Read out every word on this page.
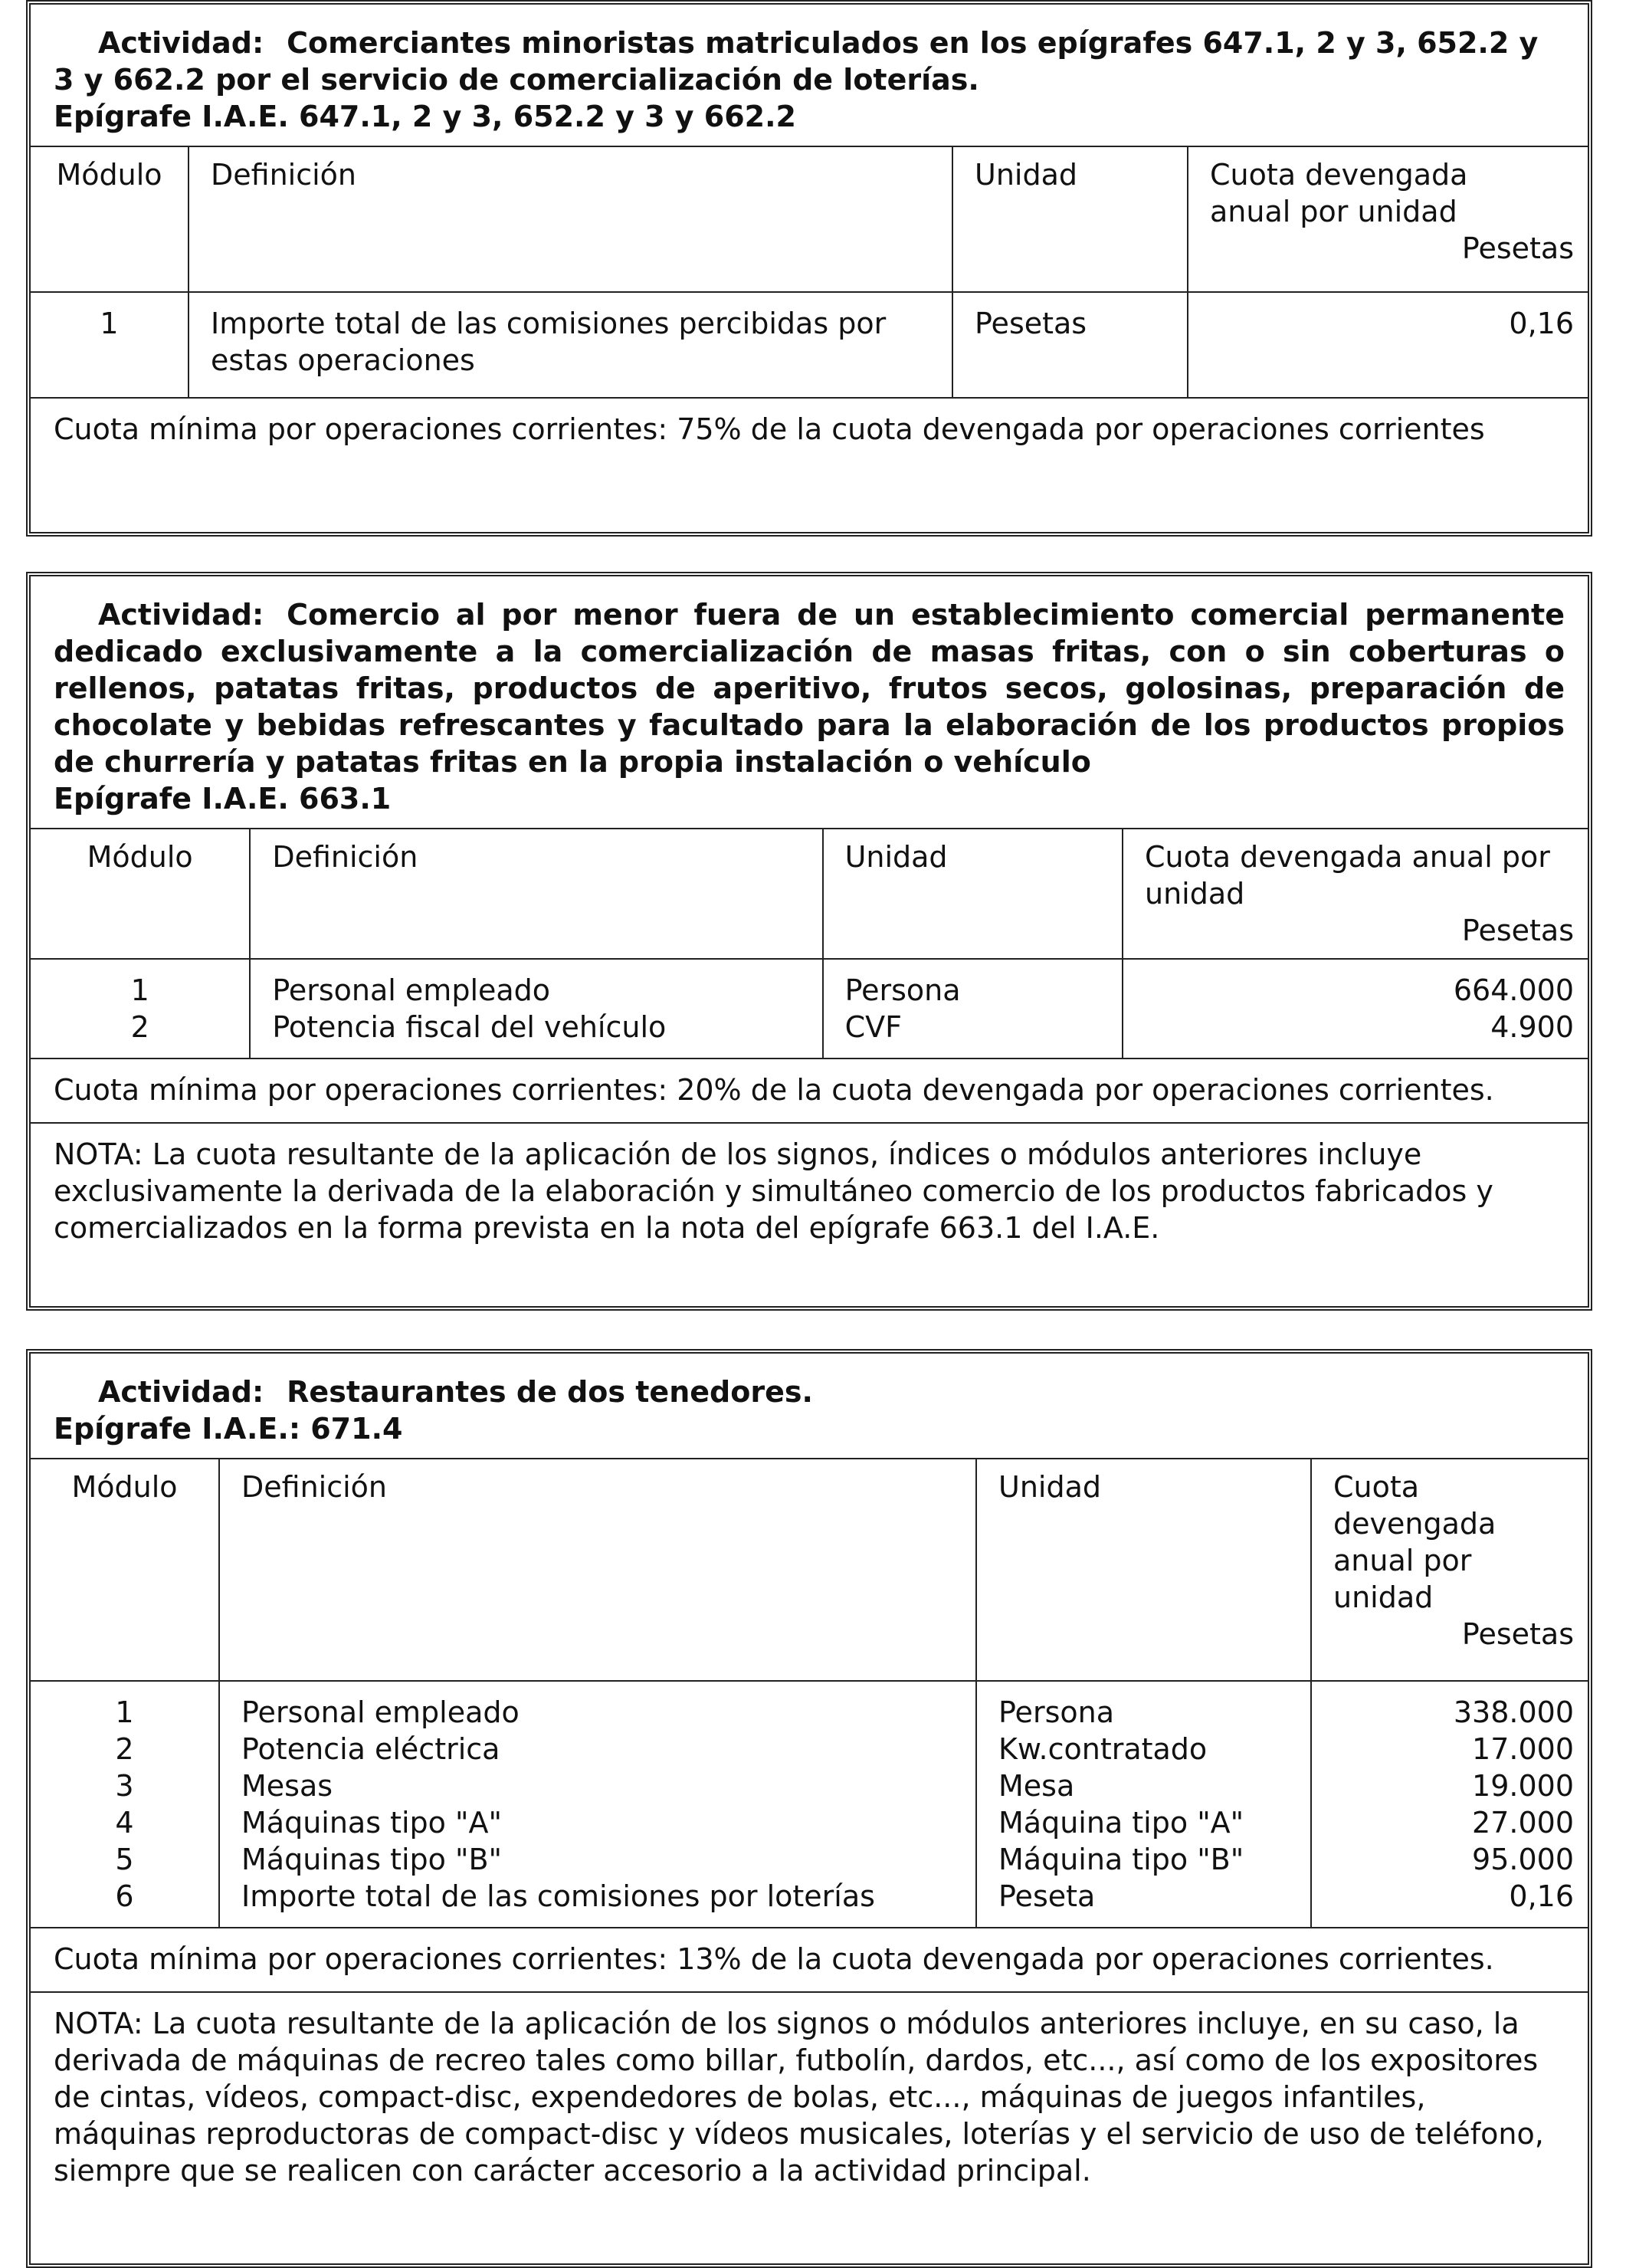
Actividad: Comerciantes minoristas matriculados en los epígrafes 647.1, 2 y 3, 652.2 y 3 y 662.2 por el servicio de comercialización de loterías.
Epígrafe I.A.E. 647.1, 2 y 3, 652.2 y 3 y 662.2
Módulo	Definición	Unidad	Cuota devengada anual por unidad
Pesetas

1	Importe total de las comisiones percibidas por estas operaciones	Pesetas	0,16
Cuota mínima por operaciones corrientes: 75% de la cuota devengada por operaciones corrientes
Actividad: Comercio al por menor fuera de un establecimiento comercial permanente dedicado exclusivamente a la comercialización de masas fritas, con o sin coberturas o rellenos, patatas fritas, productos de aperitivo, frutos secos, golosinas, preparación de chocolate y bebidas refrescantes y facultado para la elaboración de los productos propios de churrería y patatas fritas en la propia instalación o vehículo
Epígrafe I.A.E. 663.1
Módulo	Definición	Unidad	Cuota devengada anual por unidad
Pesetas

1	Personal empleado	Persona	664.000
2	Potencia fiscal del vehículo	CVF	4.900
Cuota mínima por operaciones corrientes: 20% de la cuota devengada por operaciones corrientes.
NOTA: La cuota resultante de la aplicación de los signos, índices o módulos anteriores incluye exclusivamente la derivada de la elaboración y simultáneo comercio de los productos fabricados y comercializados en la forma prevista en la nota del epígrafe 663.1 del I.A.E.
Actividad: Restaurantes de dos tenedores.
Epígrafe I.A.E.: 671.4
Módulo	Definición	Unidad	Cuota devengada anual por unidad
Pesetas

1	Personal empleado	Persona	338.000
2	Potencia eléctrica	Kw.contratado	17.000
3	Mesas	Mesa	19.000
4	Máquinas tipo "A"	Máquina tipo "A"	27.000
5	Máquinas tipo "B"	Máquina tipo "B"	95.000
6	Importe total de las comisiones por loterías	Peseta	0,16
Cuota mínima por operaciones corrientes: 13% de la cuota devengada por operaciones corrientes.
NOTA: La cuota resultante de la aplicación de los signos o módulos anteriores incluye, en su caso, la derivada de máquinas de recreo tales como billar, futbolín, dardos, etc..., así como de los expositores de cintas, vídeos, compact-disc, expendedores de bolas, etc..., máquinas de juegos infantiles, máquinas reproductoras de compact-disc y vídeos musicales, loterías y el servicio de uso de teléfono, siempre que se realicen con carácter accesorio a la actividad principal.
